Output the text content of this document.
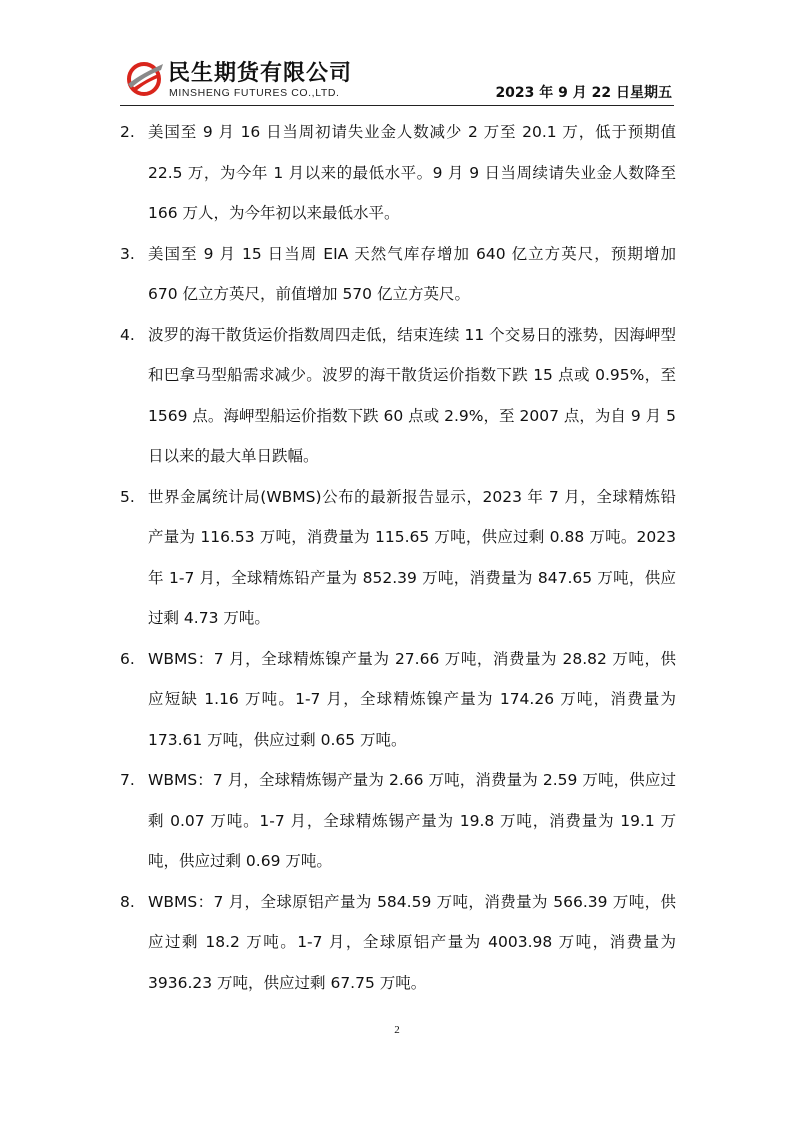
民生期货有限公司
MINSHENG FUTURES CO.,LTD.	2023 年 9 月 22 日星期五
2. 美国至 9 月 16 日当周初请失业金人数减少 2 万至 20.1 万，低于预期值 22.5 万，为今年 1 月以来的最低水平。9 月 9 日当周续请失业金人数降至 166 万人，为今年初以来最低水平。
3. 美国至 9 月 15 日当周 EIA 天然气库存增加 640 亿立方英尺，预期增加 670 亿立方英尺，前值增加 570 亿立方英尺。
4. 波罗的海干散货运价指数周四走低，结束连续 11 个交易日的涨势，因海岬型和巴拿马型船需求减少。波罗的海干散货运价指数下跌 15 点或 0.95%，至 1569 点。海岬型船运价指数下跌 60 点或 2.9%，至 2007 点，为自 9 月 5 日以来的最大单日跌幅。
5. 世界金属统计局(WBMS)公布的最新报告显示，2023 年 7 月，全球精炼铅产量为 116.53 万吨，消费量为 115.65 万吨，供应过剩 0.88 万吨。2023 年 1-7 月，全球精炼铅产量为 852.39 万吨，消费量为 847.65 万吨，供应过剩 4.73 万吨。
6. WBMS：7 月，全球精炼镍产量为 27.66 万吨，消费量为 28.82 万吨，供应短缺 1.16 万吨。1-7 月，全球精炼镍产量为 174.26 万吨，消费量为 173.61 万吨，供应过剩 0.65 万吨。
7. WBMS：7 月，全球精炼锡产量为 2.66 万吨，消费量为 2.59 万吨，供应过剩 0.07 万吨。1-7 月，全球精炼锡产量为 19.8 万吨，消费量为 19.1 万吨，供应过剩 0.69 万吨。
8. WBMS：7 月，全球原铝产量为 584.59 万吨，消费量为 566.39 万吨，供应过剩 18.2 万吨。1-7 月，全球原铝产量为 4003.98 万吨，消费量为 3936.23 万吨，供应过剩 67.75 万吨。
2
